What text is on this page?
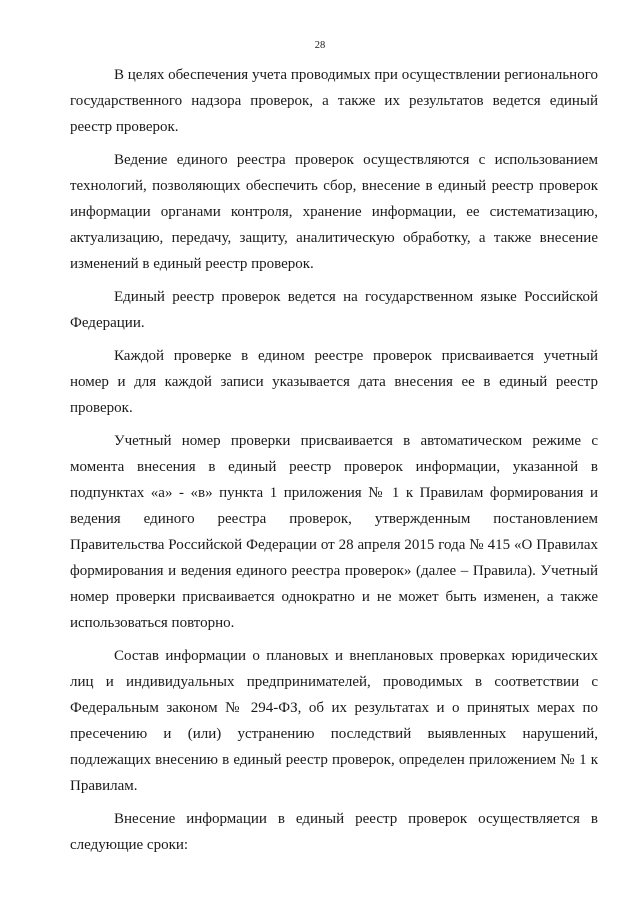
28

В целях обеспечения учета проводимых при осуществлении регионального государственного надзора проверок, а также их результатов ведется единый реестр проверок.

Ведение единого реестра проверок осуществляются с использованием технологий, позволяющих обеспечить сбор, внесение в единый реестр проверок информации органами контроля, хранение информации, ее систематизацию, актуализацию, передачу, защиту, аналитическую обработку, а также внесение изменений в единый реестр проверок.

Единый реестр проверок ведется на государственном языке Российской Федерации.

Каждой проверке в едином реестре проверок присваивается учетный номер и для каждой записи указывается дата внесения ее в единый реестр проверок.

Учетный номер проверки присваивается в автоматическом режиме с момента внесения в единый реестр проверок информации, указанной в подпунктах «а» - «в» пункта 1 приложения № 1 к Правилам формирования и ведения единого реестра проверок, утвержденным постановлением Правительства Российской Федерации от 28 апреля 2015 года № 415 «О Правилах формирования и ведения единого реестра проверок» (далее – Правила). Учетный номер проверки присваивается однократно и не может быть изменен, а также использоваться повторно.

Состав информации о плановых и внеплановых проверках юридических лиц и индивидуальных предпринимателей, проводимых в соответствии с Федеральным законом № 294-ФЗ, об их результатах и о принятых мерах по пресечению и (или) устранению последствий выявленных нарушений, подлежащих внесению в единый реестр проверок, определен приложением № 1 к Правилам.

Внесение информации в единый реестр проверок осуществляется в следующие сроки:
